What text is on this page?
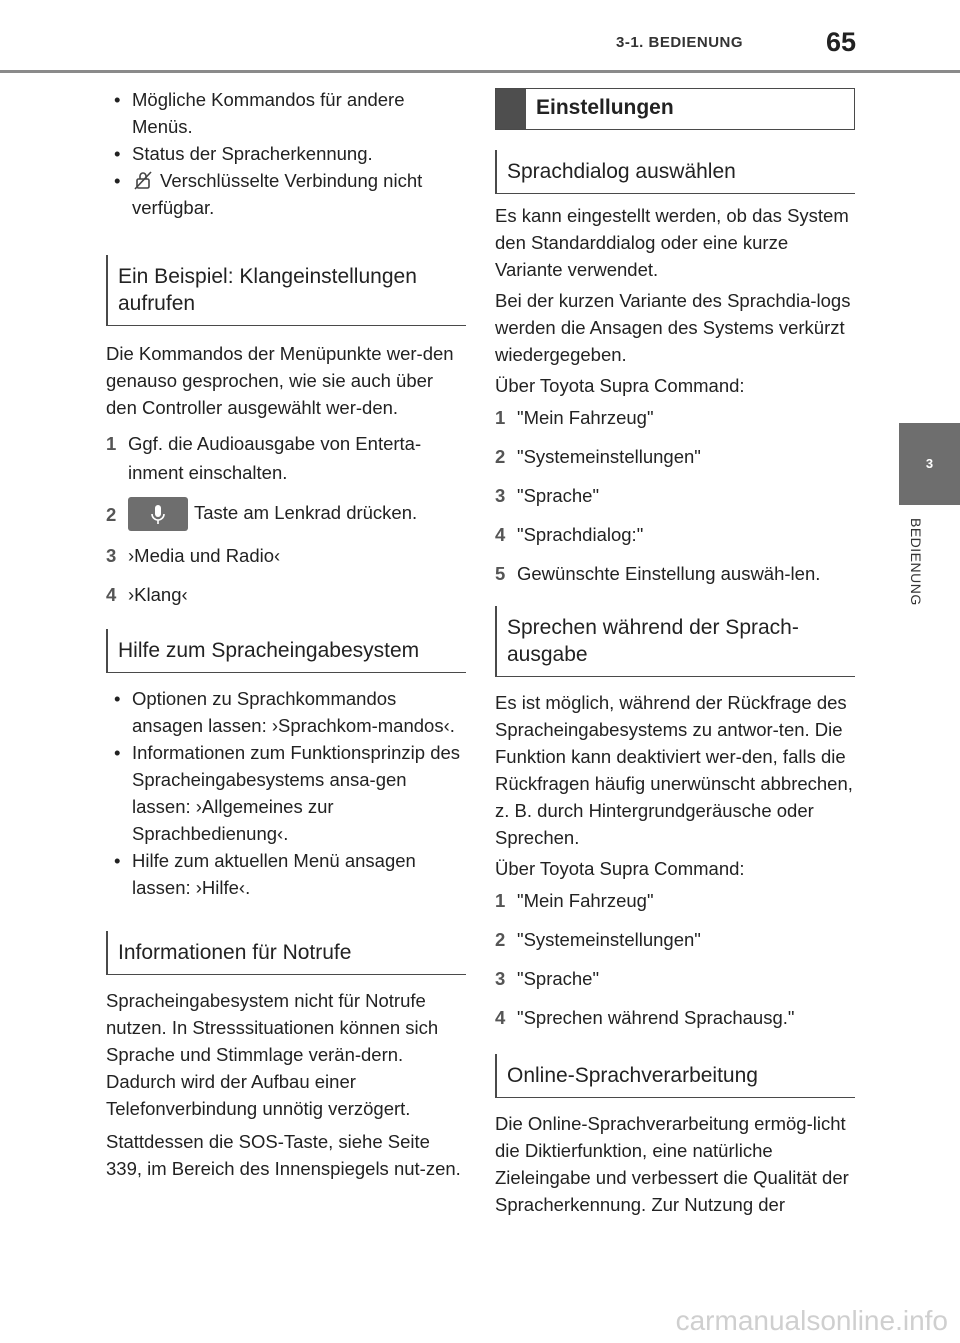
3-1. BEDIENUNG	65
3
BEDIENUNG
• Mögliche Kommandos für andere Menüs.
• Status der Spracherkennung.
• Verschlüsselte Verbindung nicht verfügbar.
Ein Beispiel: Klangeinstellungen aufrufen

Die Kommandos der Menüpunkte wer-den genauso gesprochen, wie sie auch über den Controller ausgewählt wer-den.

1 Ggf. die Audioausgabe von Enterta-inment einschalten.
2	Taste am Lenkrad drücken.
3 ›Media und Radio‹
4 ›Klang‹
Hilfe zum Spracheingabesystem
• Optionen zu Sprachkommandos ansagen lassen: ›Sprachkom-mandos‹.
• Informationen zum Funktionsprinzip des Spracheingabesystems ansa-gen lassen: ›Allgemeines zur Sprachbedienung‹.
• Hilfe zum aktuellen Menü ansagen lassen: ›Hilfe‹.
Informationen für Notrufe

Spracheingabesystem nicht für Notrufe nutzen. In Stresssituationen können sich Sprache und Stimmlage verän-dern. Dadurch wird der Aufbau einer Telefonverbindung unnötig verzögert.

Stattdessen die SOS-Taste, siehe Seite 339, im Bereich des Innenspiegels nut-zen.

Einstellungen
Sprachdialog auswählen

Es kann eingestellt werden, ob das System den Standarddialog oder eine kurze Variante verwendet.

Bei der kurzen Variante des Sprachdia-logs werden die Ansagen des Systems verkürzt wiedergegeben.

Über Toyota Supra Command:

1 "Mein Fahrzeug"
2 "Systemeinstellungen"
3 "Sprache"
4 "Sprachdialog:"
5 Gewünschte Einstellung auswäh-len.
Sprechen während der Sprach-ausgabe

Es ist möglich, während der Rückfrage des Spracheingabesystems zu antwor-ten. Die Funktion kann deaktiviert wer-den, falls die Rückfragen häufig unerwünscht abbrechen, z. B. durch Hintergrundgeräusche oder Sprechen.

Über Toyota Supra Command:

1 "Mein Fahrzeug"
2 "Systemeinstellungen"
3 "Sprache"
4 "Sprechen während Sprachausg."
Online-Sprachverarbeitung

Die Online-Sprachverarbeitung ermög-licht die Diktierfunktion, eine natürliche Zieleingabe und verbessert die Qualität der Spracherkennung. Zur Nutzung der

carmanualsonline.info
